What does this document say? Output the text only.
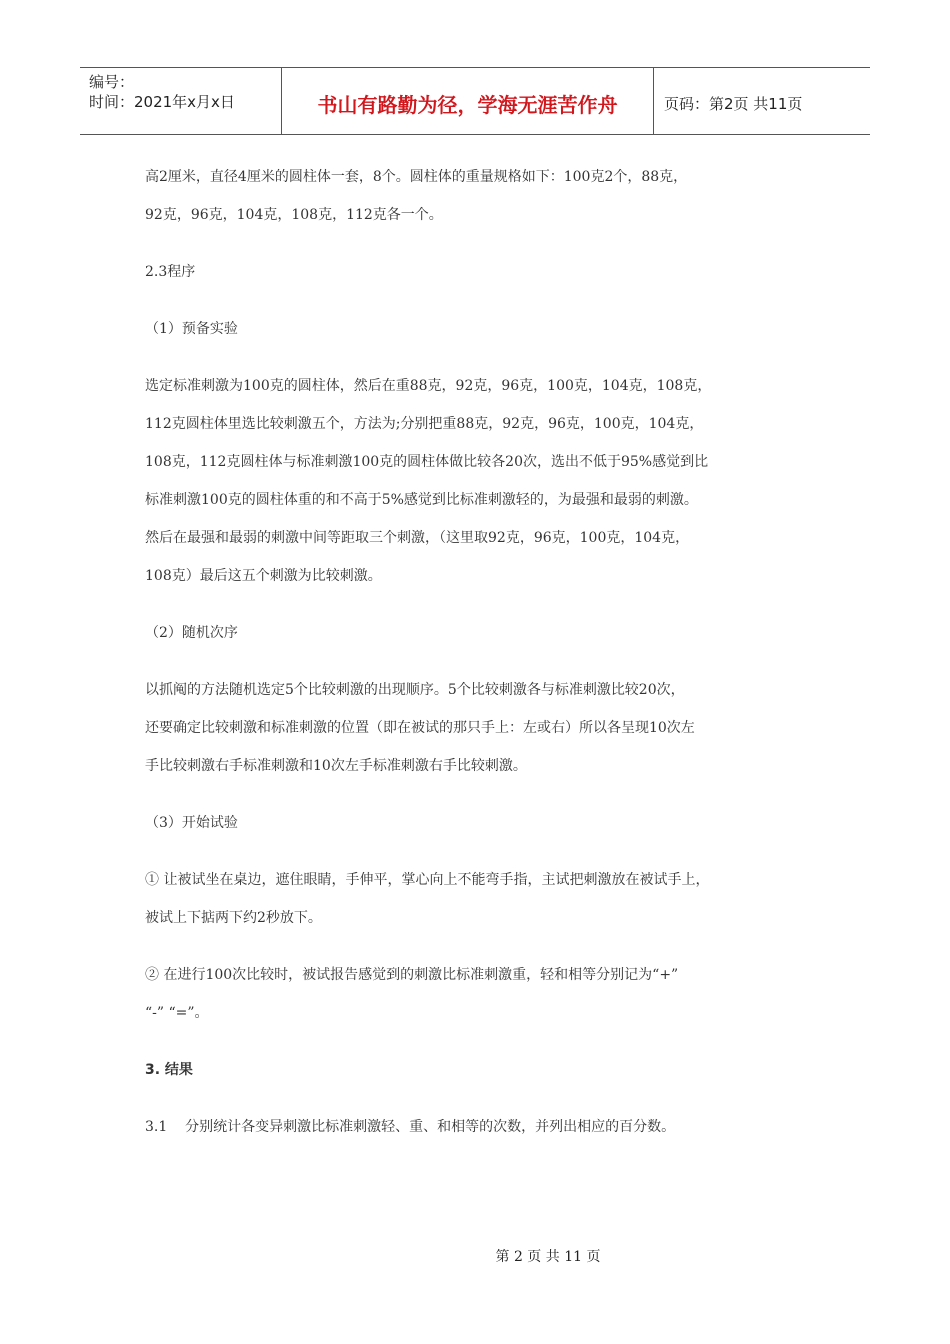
编号：
时间：2021年x月x日	书山有路勤为径，学海无涯苦作舟	页码：第2页 共11页

高2厘米，直径4厘米的圆柱体一套，8个。圆柱体的重量规格如下：100克2个，88克，

92克，96克，104克，108克，112克各一个。

2.3程序

（1）预备实验

选定标准刺激为100克的圆柱体，然后在重88克，92克，96克，100克，104克，108克，

112克圆柱体里选比较刺激五个，方法为;分别把重88克，92克，96克，100克，104克，

108克，112克圆柱体与标准刺激100克的圆柱体做比较各20次，选出不低于95%感觉到比

标准刺激100克的圆柱体重的和不高于5%感觉到比标准刺激轻的，为最强和最弱的刺激。

然后在最强和最弱的刺激中间等距取三个刺激，（这里取92克，96克，100克，104克，

108克）最后这五个刺激为比较刺激。

（2）随机次序

以抓阄的方法随机选定5个比较刺激的出现顺序。5个比较刺激各与标准刺激比较20次，

还要确定比较刺激和标准刺激的位置（即在被试的那只手上：左或右）所以各呈现10次左

手比较刺激右手标准刺激和10次左手标准刺激右手比较刺激。

（3）开始试验

① 让被试坐在桌边，遮住眼睛，手伸平，掌心向上不能弯手指，主试把刺激放在被试手上，

被试上下掂两下约2秒放下。

② 在进行100次比较时，被试报告感觉到的刺激比标准刺激重，轻和相等分别记为“+”

“-” “=”。

3. 结果

3.1    分别统计各变异刺激比标准刺激轻、重、和相等的次数，并列出相应的百分数。

第 2 页 共 11 页
